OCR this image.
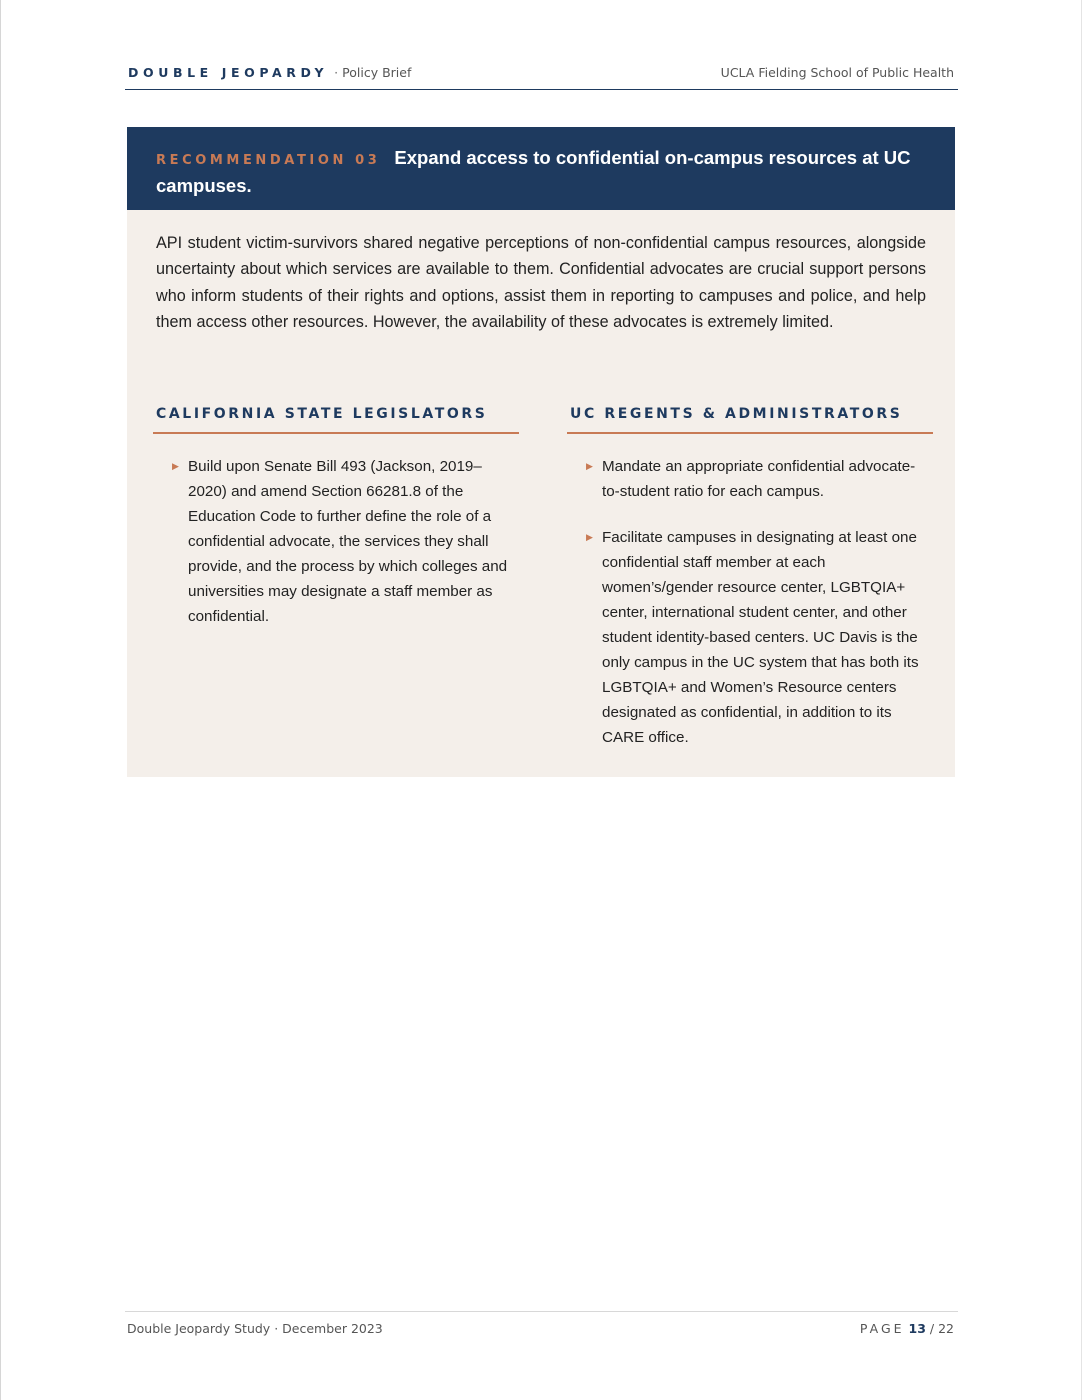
DOUBLE JEOPARDY · Policy Brief	UCLA Fielding School of Public Health
RECOMMENDATION 03 Expand access to confidential on-campus resources at UC campuses.

API student victim-survivors shared negative perceptions of non-confidential campus resources, alongside uncertainty about which services are available to them. Confidential advocates are crucial support persons who inform students of their rights and options, assist them in reporting to campuses and police, and help them access other resources. However, the availability of these advocates is extremely limited.

CALIFORNIA STATE LEGISLATORS
▶ Build upon Senate Bill 493 (Jackson, 2019–2020) and amend Section 66281.8 of the Education Code to further define the role of a confidential advocate, the services they shall provide, and the process by which colleges and universities may designate a staff member as confidential.
UC REGENTS & ADMINISTRATORS
▶ Mandate an appropriate confidential advocate-to-student ratio for each campus.
▶ Facilitate campuses in designating at least one confidential staff member at each women’s/gender resource center, LGBTQIA+ center, international student center, and other student identity-based centers. UC Davis is the only campus in the UC system that has both its LGBTQIA+ and Women’s Resource centers designated as confidential, in addition to its CARE office.
Double Jeopardy Study · December 2023	PAGE 13 / 22
